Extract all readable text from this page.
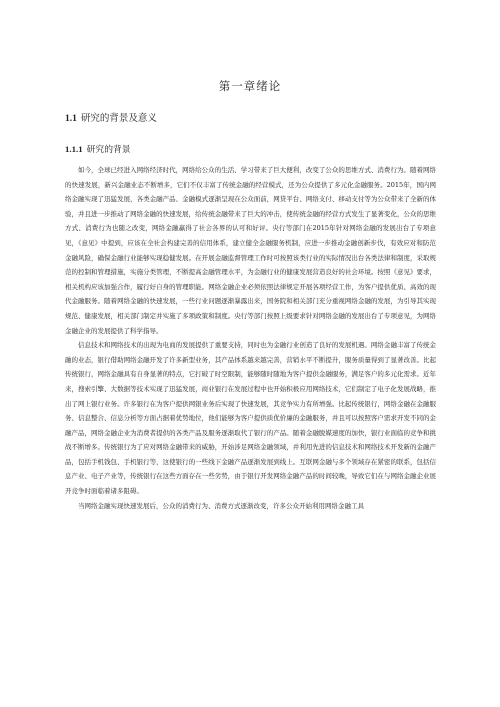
第一章绪论
1.1 研究的背景及意义
1.1.1 研究的背景

如今，全球已经进入网络经济时代，网络给公众的生活、学习带来了巨大便利，改变了公众的思维方式、消费行为。随着网络的快速发展，新兴金融业态不断增多，它们不仅丰富了传统金融的经营模式，还为公众提供了多元化金融服务。2015年，国内网络金融实现了迅猛发展，各类金融产品、金融模式逐渐呈现在公众面前，网贷平台、网络支付、移动支付等为公众带来了全新的体验，并且进一步推动了网络金融的快速发展，给传统金融带来了巨大的冲击，使传统金融的经营方式发生了显著变化，公众的思维方式、消费行为也随之改变，网络金融赢得了社会各界的认可和好评。央行等部门在2015年针对网络金融的发展出台了专项意见，《意见》中提到，应该在全社会构建完善的信用体系，建立健全金融服务机制，应进一步推动金融创新步伐，有效应对和防范金融风险，确保金融行业能够实现稳健发展。在开展金融监督管理工作时可按照该类行业的实际情况出台各类法律和制度，采取规范的控制和管理措施，实施分类管理，不断提高金融管理水平，为金融行业的健康发展营造良好的社会环境。按照《意见》要求，相关机构应该加强合作，履行好自身的管理职能。网络金融企业必须依照法律规定开展各项经营工作，为客户提供优质、高效的现代金融服务。随着网络金融的快速发展，一些行业问题逐渐暴露出来，国务院和相关部门充分重视网络金融的发展，为引导其实现规范、健康发展，相关部门制定并实施了多项政策和制度。央行等部门按照上级要求针对网络金融的发展出台了专项意见，为网络金融企业的发展提供了科学指导。

信息技术和网络技术的出现为电商的发展提供了重要支持，同时也为金融行业创造了良好的发展机遇。网络金融丰富了传统金融的业态，银行借助网络金融开发了许多新型业务，其产品体系越来越完善，营销水平不断提升，服务质量得到了显著改善。比起传统银行，网络金融具有自身显著的特点，它打破了时空限制，能够随时随地为客户提供金融服务，满足客户的多元化需求。近年来，搜索引擎、大数据等技术实现了迅猛发展，商业银行在发展过程中也开始积极应用网络技术，它们制定了电子化发展战略，推出了网上银行业务。许多银行在为客户提供网银业务后实现了快速发展，其竞争实力有所增强。比起传统银行，网络金融在金融服务、信息整合、信息分析等方面占据着优势地位，他们能够为客户提供质优价廉的金融服务，并且可以按照客户需求开发不同的金融产品，网络金融企业为消费者提供的各类产品及服务逐渐取代了银行的产品。随着金融脱媒速度的加快，银行业面临的竞争和挑战不断增多。传统银行为了应对网络金融带来的威胁，开始涉足网络金融领域，并利用先进的信息技术和网络技术开发新的金融产品，包括手机钱包、手机银行等，这使银行的一些线下金融产品逐渐发展到线上。互联网金融与多个领域存在紧密的联系，包括信息产业、电子产业等，传统银行在这些方面存在一些劣势，由于银行开发网络金融产品的时间较晚，导致它们在与网络金融企业展开竞争时面临着诸多阻碍。

当网络金融实现快速发展后，公众的消费行为、消费方式逐渐改变，许多公众开始利用网络金融工具
